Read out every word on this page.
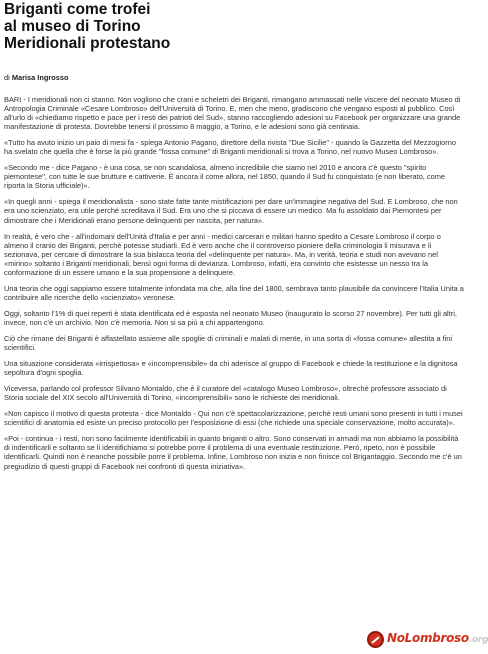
Briganti come trofei
al museo di Torino
Meridionali protestano
di Marisa Ingrosso

BARI - I meridionali non ci stanno. Non vogliono che crani e scheletri dei Briganti, rimangano ammassati nelle viscere del neonato Museo di Antropologia Criminale «Cesare Lombroso» dell'Università di Torino. E, men che meno, gradiscono che vengano esposti al pubblico. Così all'urlo di «chiediamo rispetto e pace per i resti dei patrioti del Sud», stanno raccogliendo adesioni su Facebook per organizzare una grande manifestazione di protesta. Dovrebbe tenersi il prossimo 8 maggio, a Torino, e le adesioni sono già centinaia.

«Tutto ha avuto inizio un paio di mesi fa - spiega Antonio Pagano, direttore della rivista "Due Sicilie" - quando la Gazzetta del Mezzogiorno ha svelato che quella che è forse la più grande "fossa comune" di Briganti meridionali si trova a Torino, nel nuovo Museo Lombroso».

«Secondo me - dice Pagano - è una cosa, se non scandalosa, almeno incredibile che siamo nel 2010 e ancora c'è questo "spirito piemontese", con tutte le sue brutture e cattiverie. È ancora il come allora, nel 1850, quando il Sud fu conquistato (e non liberato, come riporta la Storia ufficiale)».

«In quegli anni - spiega il meridionalista - sono state fatte tante mistificazioni per dare un'immagine negativa del Sud. E Lombroso, che non era uno scienziato, era utile perché screditava il Sud. Era uno che si piccava di essere un medico. Ma fu assoldato dai Piemontesi per dimostrare che i Meridionali erano persone delinquenti per nascita, per natura».

In realtà, è vero che - all'indomani dell'Unità d'Italia e per anni - medici carcerari e militari hanno spedito a Cesare Lombroso il corpo o almeno il cranio dei Briganti, perché potesse studiarli. Ed è vero anche che il controverso pioniere della criminologia li misurava e li sezionava, per cercare di dimostrare la sua bislacca teoria del «delinquente per natura». Ma, in verità, teoria e studi non avevano nel «mirino» soltanto i Briganti meridionali, bensì ogni forma di devianza. Lombroso, infatti, era convinto che esistesse un nesso tra la conformazione di un essere umano e la sua propensione a delinquere.

Una teoria che oggi sappiamo essere totalmente infondata ma che, alla fine del 1800, sembrava tanto plausibile da convincere l'Italia Unita a contribuire alle ricerche dello «scienziato» veronese.

Oggi, soltanto l'1% di quei reperti è stata identificata ed è esposta nel neonato Museo (inaugurato lo scorso 27 novembre). Per tutti gli altri, invece, non c'è un archivio. Non c'è memoria. Non si sa più a chi appartengono.

Ciò che rimane dei Briganti è affastellato assieme alle spoglie di criminali e malati di mente, in una sorta di «fossa comune» allestita a fini scientifici.

Una situazione considerata «irrispettosa» e «incomprensibile» da chi aderisce al gruppo di Facebook e chiede la restituzione e la dignitosa sepoltura d'ogni spoglia.

Viceversa, parlando col professor Silvano Montaldo, che è il curatore del «catalogo Museo Lombroso», oltreché professore associato di Storia sociale del XIX secolo all'Università di Torino, «incomprensibili» sono le richieste dei meridionali.

«Non capisco il motivo di questa protesta - dice Montaldo - Qui non c'è spettacolarizzazione, perché resti umani sono presenti in tutti i musei scientifici di anatomia ed esiste un preciso protocollo per l'esposizione di essi (che richiede una speciale conservazione, molto accurata)».

«Poi - continua - i resti, non sono facilmente identificabili in quanto briganti o altro. Sono conservati in armadi ma non abbiamo la possibilità di indentificarli e soltanto se li identifichiamo si potrebbe porre il problema di una eventuale restituzione. Però, ripeto, non è possibile identificarli. Quindi non è neanche possibile porre il problema. Infine, Lombroso non inizia e non finisce col Brigantaggio. Secondo me c'è un pregiudizio di questi gruppi di Facebook nei confronti di questa iniziativa».

NoLombroso.org
